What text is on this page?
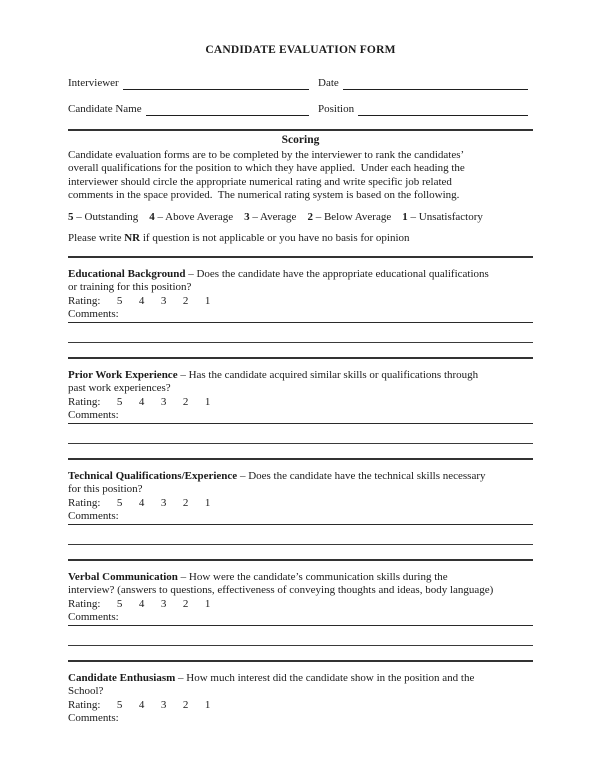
CANDIDATE EVALUATION FORM
Interviewer	Date
Candidate Name	Position
Scoring
Candidate evaluation forms are to be completed by the interviewer to rank the candidates’
overall qualifications for the position to which they have applied.  Under each heading the
interviewer should circle the appropriate numerical rating and write specific job related
comments in the space provided.  The numerical rating system is based on the following.
5 – Outstanding 4 – Above Average 3 – Average 2 – Below Average 1 – Unsatisfactory
Please write NR if question is not applicable or you have no basis for opinion

Educational Background – Does the candidate have the appropriate educational qualifications
or training for this position?

Rating: 5 4 3 2 1

Comments:

Prior Work Experience – Has the candidate acquired similar skills or qualifications through
past work experiences?

Rating: 5 4 3 2 1

Comments:

Technical Qualifications/Experience – Does the candidate have the technical skills necessary
for this position?

Rating: 5 4 3 2 1

Comments:

Verbal Communication – How were the candidate’s communication skills during the
interview? (answers to questions, effectiveness of conveying thoughts and ideas, body language)

Rating: 5 4 3 2 1

Comments:

Candidate Enthusiasm – How much interest did the candidate show in the position and the
School?

Rating: 5 4 3 2 1

Comments:
